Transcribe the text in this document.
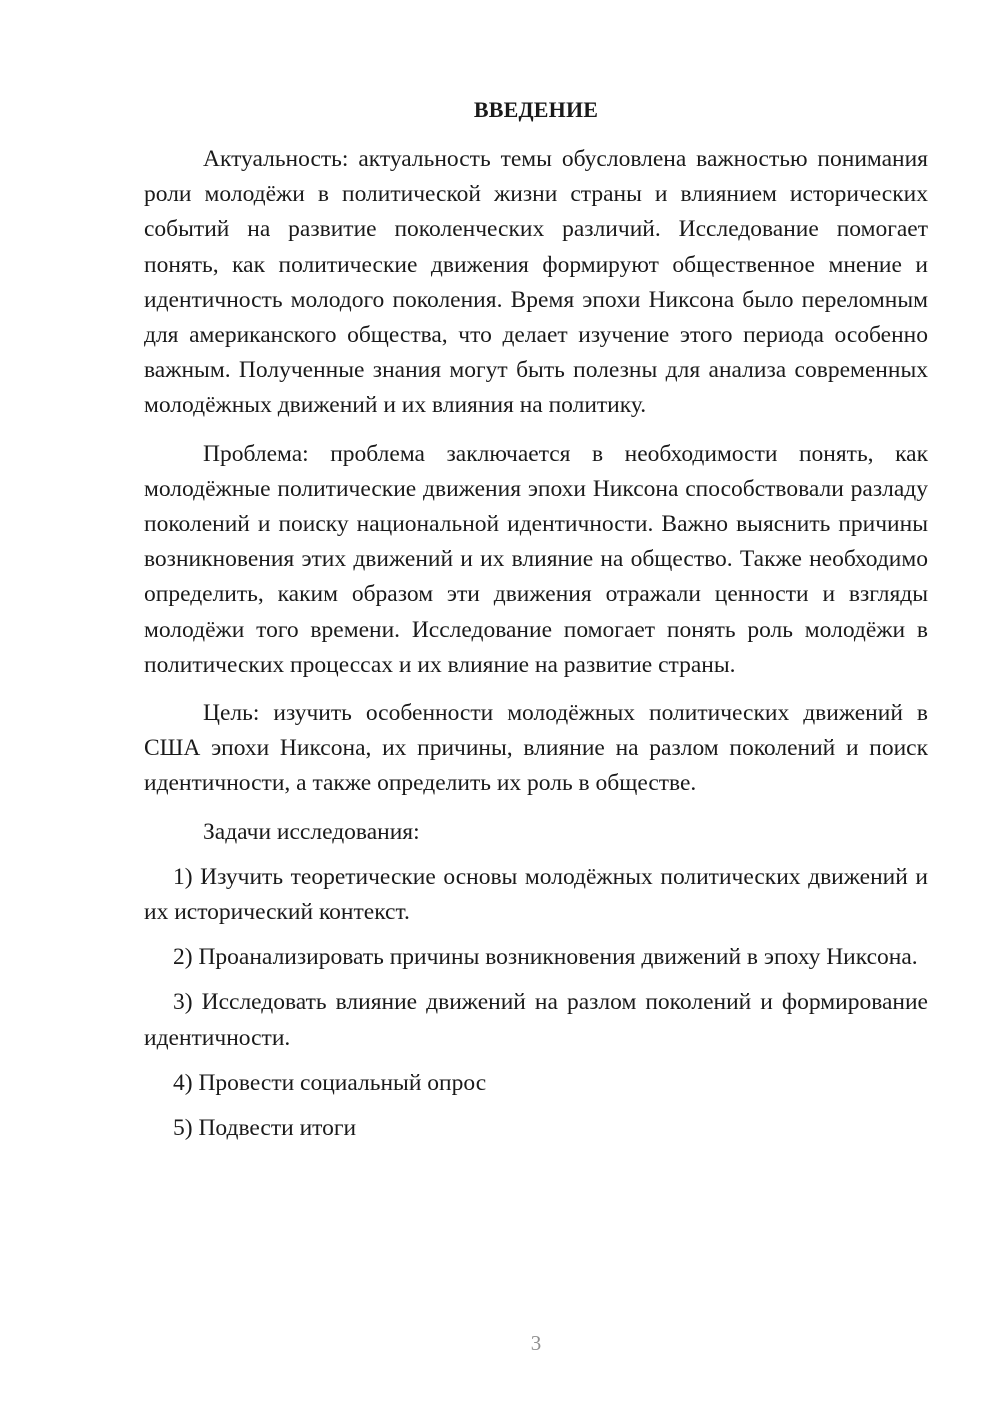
ВВЕДЕНИЕ

Актуальность: актуальность темы обусловлена важностью понимания роли молодёжи в политической жизни страны и влиянием исторических событий на развитие поколенческих различий. Исследование помогает понять, как политические движения формируют общественное мнение и идентичность молодого поколения. Время эпохи Никсона было переломным для американского общества, что делает изучение этого периода особенно важным. Полученные знания могут быть полезны для анализа современных молодёжных движений и их влияния на политику.

Проблема: проблема заключается в необходимости понять, как молодёжные политические движения эпохи Никсона способствовали разладу поколений и поиску национальной идентичности. Важно выяснить причины возникновения этих движений и их влияние на общество. Также необходимо определить, каким образом эти движения отражали ценности и взгляды молодёжи того времени. Исследование помогает понять роль молодёжи в политических процессах и их влияние на развитие страны.

Цель: изучить особенности молодёжных политических движений в США эпохи Никсона, их причины, влияние на разлом поколений и поиск идентичности, а также определить их роль в обществе.

Задачи исследования:

1) Изучить теоретические основы молодёжных политических движений и их исторический контекст.

2) Проанализировать причины возникновения движений в эпоху Никсона.

3) Исследовать влияние движений на разлом поколений и формирование идентичности.

4) Провести социальный опрос

5) Подвести итоги

3
